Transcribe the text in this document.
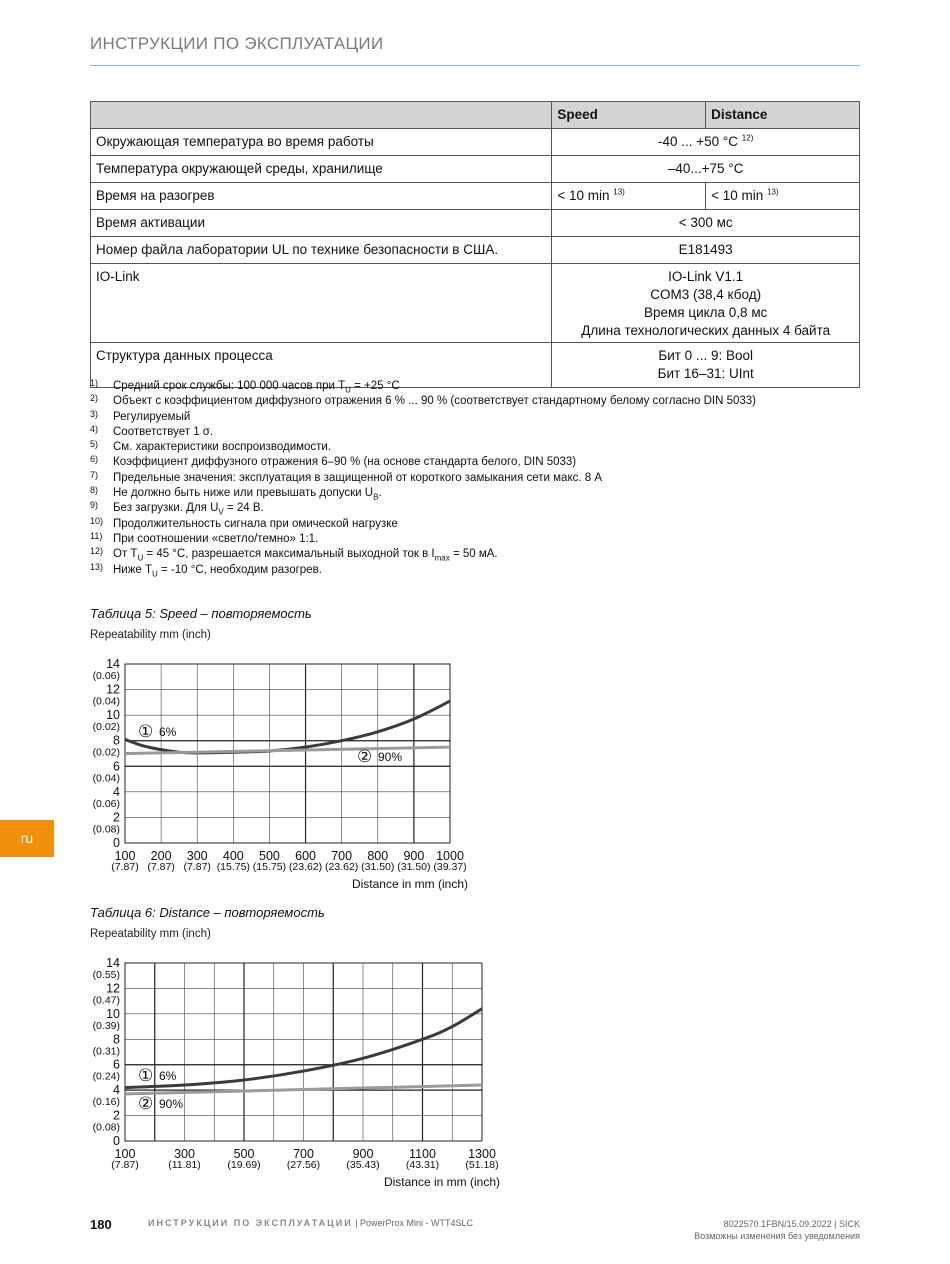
ИНСТРУКЦИИ ПО ЭКСПЛУАТАЦИИ
	Speed	Distance
Окружающая температура во время работы	-40 ... +50 °C $^{12)}$
Температура окружающей среды, хранилище	–40...+75 °C	
Время на разогрев	< 10 min $^{13)}$	< 10 min $^{13)}$
Время активации	< 300 мс	
Номер файла лаборатории UL по технике безопасности в США.	E181493	
IO-Link	IO-Link V1.1
COM3 (38,4 кбод)
Время цикла 0,8 мс
Длина технологических данных 4 байта	

Структура данных процесса	Бит 0 ... 9: Bool
Бит 16–31: UInt	
1) Средний срок службы: 100 000 часов при $T_U = +25$ °C
2) Объект с коэффициентом диффузного отражения 6 % ... 90 % (соответствует стандартному белому согласно DIN 5033)
3) Регулируемый
4) Соответствует 1 σ.
5) См. характеристики воспроизводимости.
6) Коэффициент диффузного отражения 6–90 % (на основе стандарта белого, DIN 5033)
7) Предельные значения: эксплуатация в защищенной от короткого замыкания сети макс. 8 A
8) Не должно быть ниже или превышать допуски $U_B$.
9) Без загрузки. Для $U_V = 24$ В.
10) Продолжительность сигнала при омической нагрузке
11) При соотношении «светло/темно» 1:1.
12) От $T_U = 45$ °C, разрешается максимальный выходной ток в $I_{max} = 50$ мА.
13) Ниже $T_U = -10$ °C, необходим разогрев.
Таблица 5: Speed – повторяемость
Repeatability mm (inch)
Таблица 6: Distance – повторяемость
Repeatability mm (inch)
0
2
(0.08)
4
(0.06)
6
(0.04)
8
(0.02)
10
(0.02)
12
(0.04)
14
(0.06)
100
(7.87)
200
(7.87)
300
(7.87)
400
(15.75)
500
(15.75)
600
(23.62)
700
(23.62)
800
(31.50)
900
(31.50)
1000
(39.37)
Distance in mm (inch)
① 6%
② 90%
0
2
(0.08)
4
(0.16)
6
(0.24)
8
(0.31)
10
(0.39)
12
(0.47)
14
(0.55)
100
(7.87)
300
(11.81)
500
(19.69)
700
(27.56)
900
(35.43)
1100
(43.31)
1300
(51.18)
Distance in mm (inch)
① 6%
② 90%
ru
180	ИНСТРУКЦИИ ПО ЭКСПЛУАТАЦИИ | PowerProx Mini - WTT4SLC	8022570.1FBN/15.09.2022 | SICK
Возможны изменения без уведомления
